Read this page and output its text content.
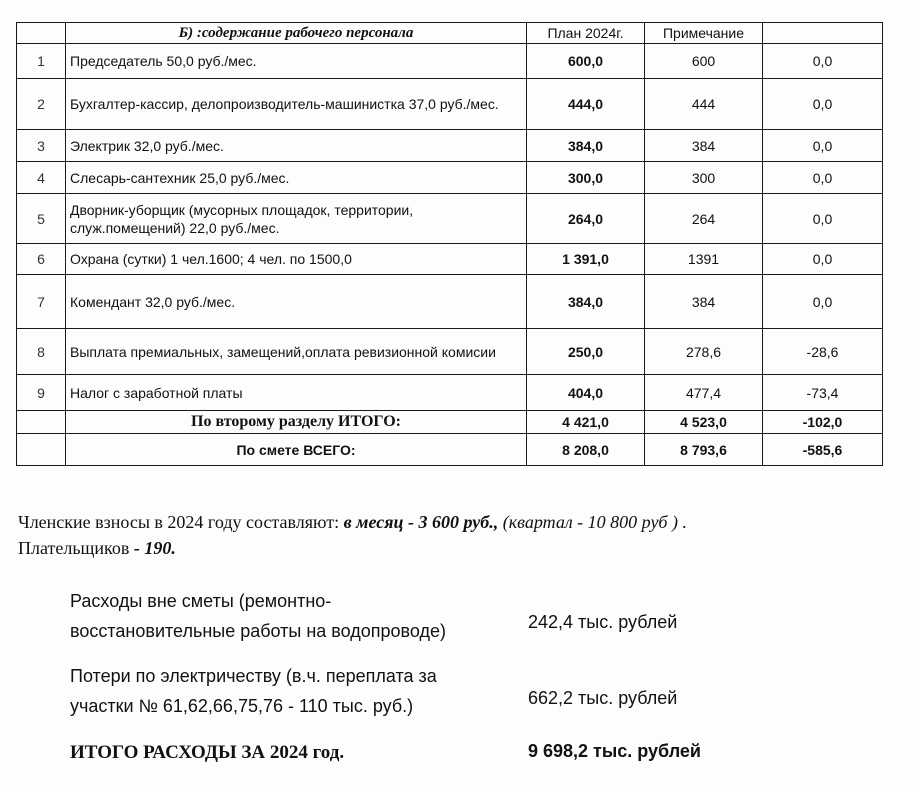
	Б) :содержание рабочего персонала	План 2024г.	Примечание	
1	Председатель 50,0 руб./мес.	600,0	600	0,0
2	Бухгалтер-кассир, делопроизводитель-машинистка 37,0 руб./мес.	444,0	444	0,0
3	Электрик 32,0 руб./мес.	384,0	384	0,0
4	Слесарь-сантехник 25,0 руб./мес.	300,0	300	0,0
5	Дворник-уборщик (мусорных площадок, территории, служ.помещений) 22,0 руб./мес.	264,0	264	0,0
6	Охрана (сутки) 1 чел.1600; 4 чел. по 1500,0	1 391,0	1391	0,0
7	Комендант 32,0 руб./мес.	384,0	384	0,0
8	Выплата премиальных, замещений,оплата ревизионной комисии	250,0	278,6	-28,6
9	Налог с заработной платы	404,0	477,4	-73,4
	По второму разделу ИТОГО:	4 421,0	4 523,0	-102,0
	По смете ВСЕГО:	8 208,0	8 793,6	-585,6
Членские взносы в 2024 году составляют: в месяц - 3 600 руб., (квартал - 10 800 руб ) .
Плательщиков - 190.
Расходы вне сметы (ремонтно-
восстановительные работы на водопроводе)	242,4 тыс. рублей
Потери по электричеству (в.ч. переплата за
участки № 61,62,66,75,76 - 110 тыс. руб.)	662,2 тыс. рублей
ИТОГО РАСХОДЫ ЗА 2024 год.	9 698,2 тыс. рублей
